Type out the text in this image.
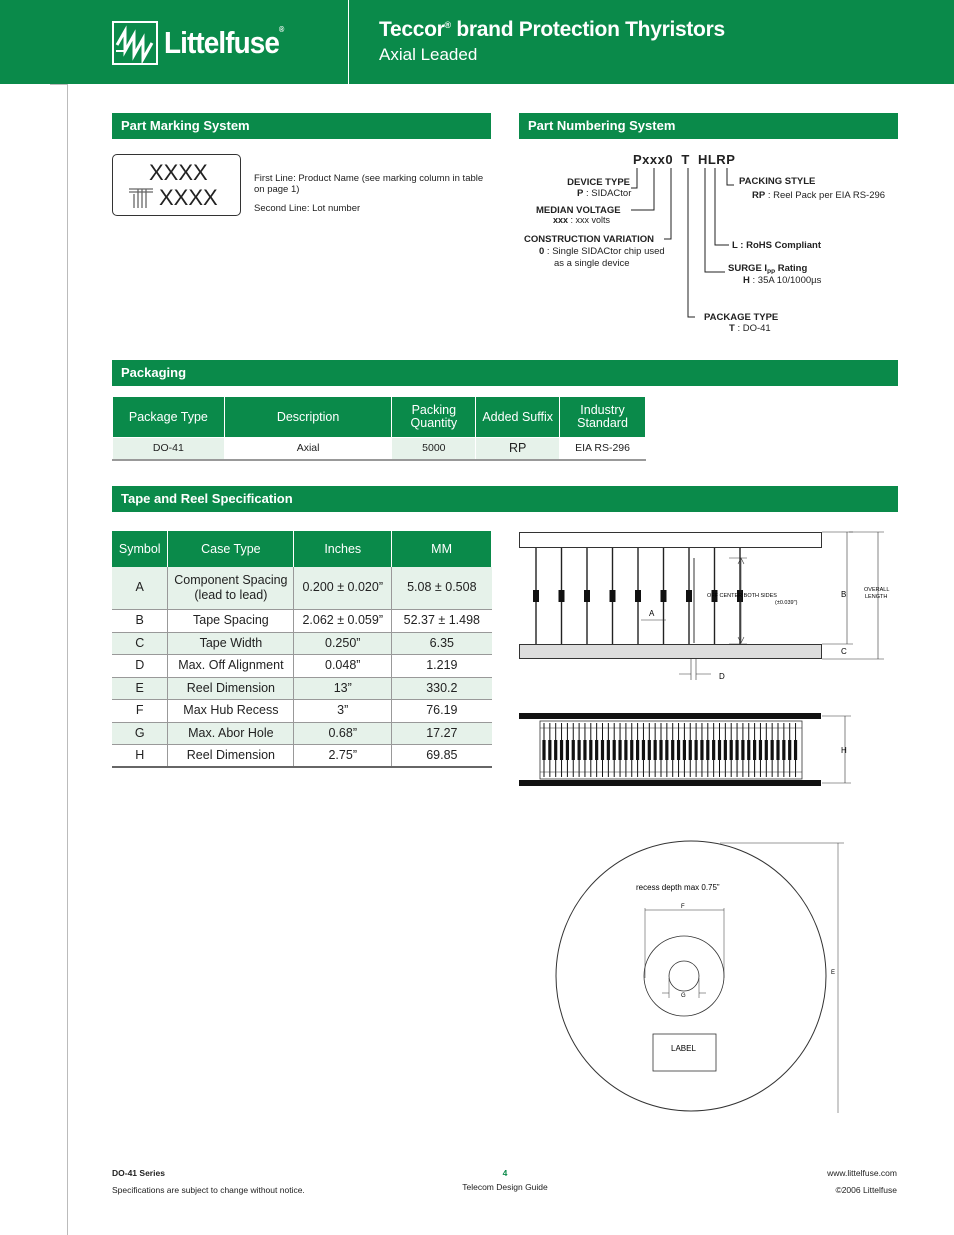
Littelfuse®	Teccor® brand Protection Thyristors
Axial Leaded
Part Marking System
XXXX
XXXX
First Line: Product Name (see marking column in table on page 1)
Second Line: Lot number
Part Numbering System
Pxxx0  T  HLRP
DEVICE TYPE
P : SIDACtor
MEDIAN VOLTAGE
xxx : xxx volts
CONSTRUCTION VARIATION
0 : Single SIDACtor chip used
as a single device
PACKING STYLE
RP : Reel Pack per EIA RS-296
L : RoHS Compliant
SURGE $I_{PP}$ Rating
H : 35A 10/1000µs
PACKAGE TYPE
T : DO-41
Packaging
Package Type	Description	Packing Quantity	Added Suffix	Industry Standard
DO-41	Axial	5000	RP	EIA RS-296
Tape and Reel Specification
Symbol	Case Type	Inches	MM
A	Component Spacing (lead to lead)	0.200 ± 0.020”	5.08 ± 0.508
B	Tape Spacing	2.062 ± 0.059”	52.37 ± 1.498
C	Tape Width	0.250”	6.35
D	Max. Off Alignment	0.048”	1.219
E	Reel Dimension	13”	330.2
F	Max Hub Recess	3”	76.19
G	Max. Abor Hole	0.68”	17.27
H	Reel Dimension	2.75”	69.85
OFF CENTER BOTH SIDES
(±0.039")
A
B
C
OVERALL
LENGTH
D
H
F
G
recess depth max 0.75”
LABEL
E
DO-41 Series
Specifications are subject to change without notice.
4
Telecom Design Guide
www.littelfuse.com
©2006 Littelfuse
